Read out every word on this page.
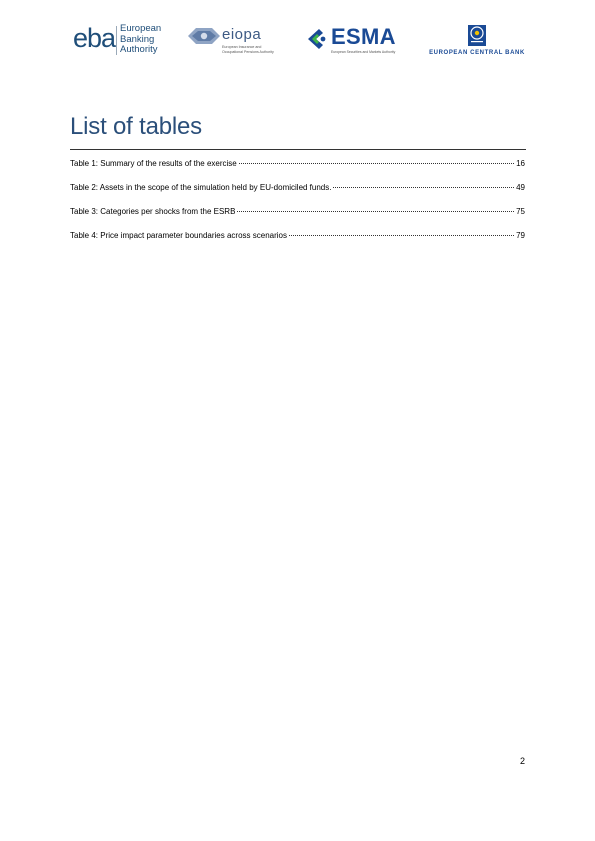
eba European
Banking
Authority
eiopa
European Insurance and
Occupational Pensions Authority
ESMA
European Securities and Markets Authority	EUROPEAN CENTRAL BANK
List of tables
Table 1: Summary of the results of the exercise	16
Table 2: Assets in the scope of the simulation held by EU-domiciled funds.	49
Table 3: Categories per shocks from the ESRB	75
Table 4: Price impact parameter boundaries across scenarios	79
2
